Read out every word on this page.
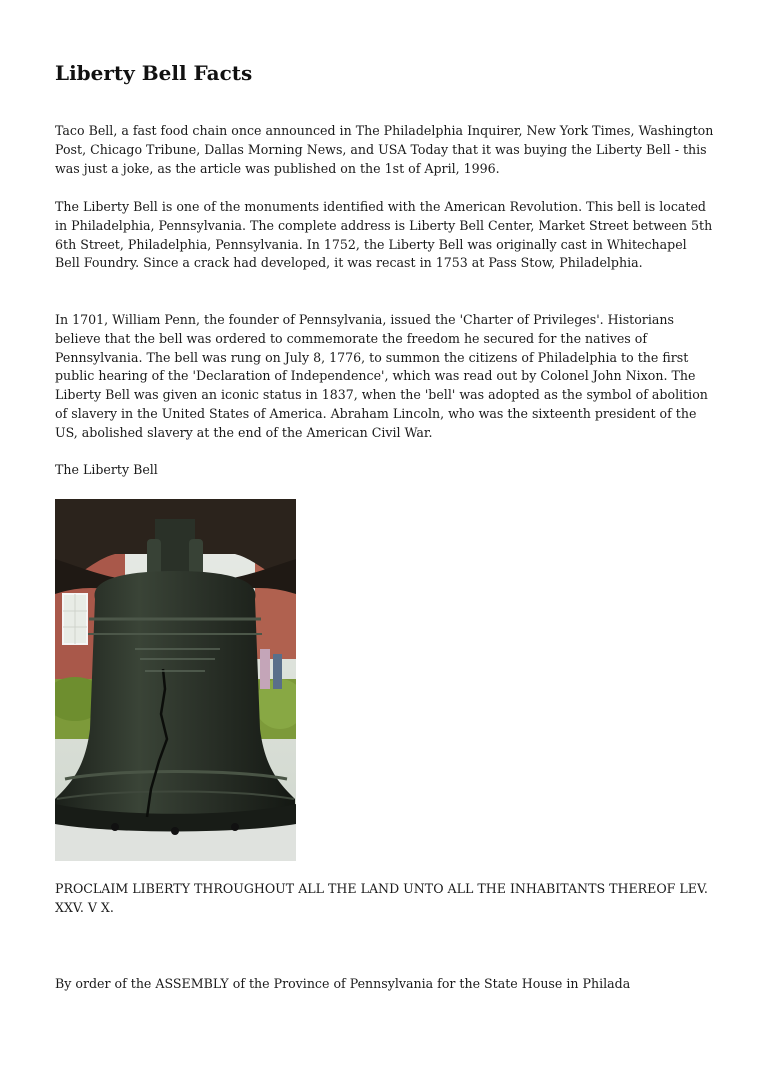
Liberty Bell Facts

Taco Bell, a fast food chain once announced in The Philadelphia Inquirer, New York Times, Washington Post, Chicago Tribune, Dallas Morning News, and USA Today that it was buying the Liberty Bell - this was just a joke, as the article was published on the 1st of April, 1996.

The Liberty Bell is one of the monuments identified with the American Revolution. This bell is located in Philadelphia, Pennsylvania. The complete address is Liberty Bell Center, Market Street between 5th 6th Street, Philadelphia, Pennsylvania. In 1752, the Liberty Bell was originally cast in Whitechapel Bell Foundry. Since a crack had developed, it was recast in 1753 at Pass Stow, Philadelphia.

In 1701, William Penn, the founder of Pennsylvania, issued the 'Charter of Privileges'. Historians believe that the bell was ordered to commemorate the freedom he secured for the natives of Pennsylvania. The bell was rung on July 8, 1776, to summon the citizens of Philadelphia to the first public hearing of the 'Declaration of Independence', which was read out by Colonel John Nixon. The Liberty Bell was given an iconic status in 1837, when the 'bell' was adopted as the symbol of abolition of slavery in the United States of America. Abraham Lincoln, who was the sixteenth president of the US, abolished slavery at the end of the American Civil War.

The Liberty Bell

PROCLAIM LIBERTY THROUGHOUT ALL THE LAND UNTO ALL THE INHABITANTS THEREOF LEV. XXV. V X.

By order of the ASSEMBLY of the Province of Pennsylvania for the State House in Philada
